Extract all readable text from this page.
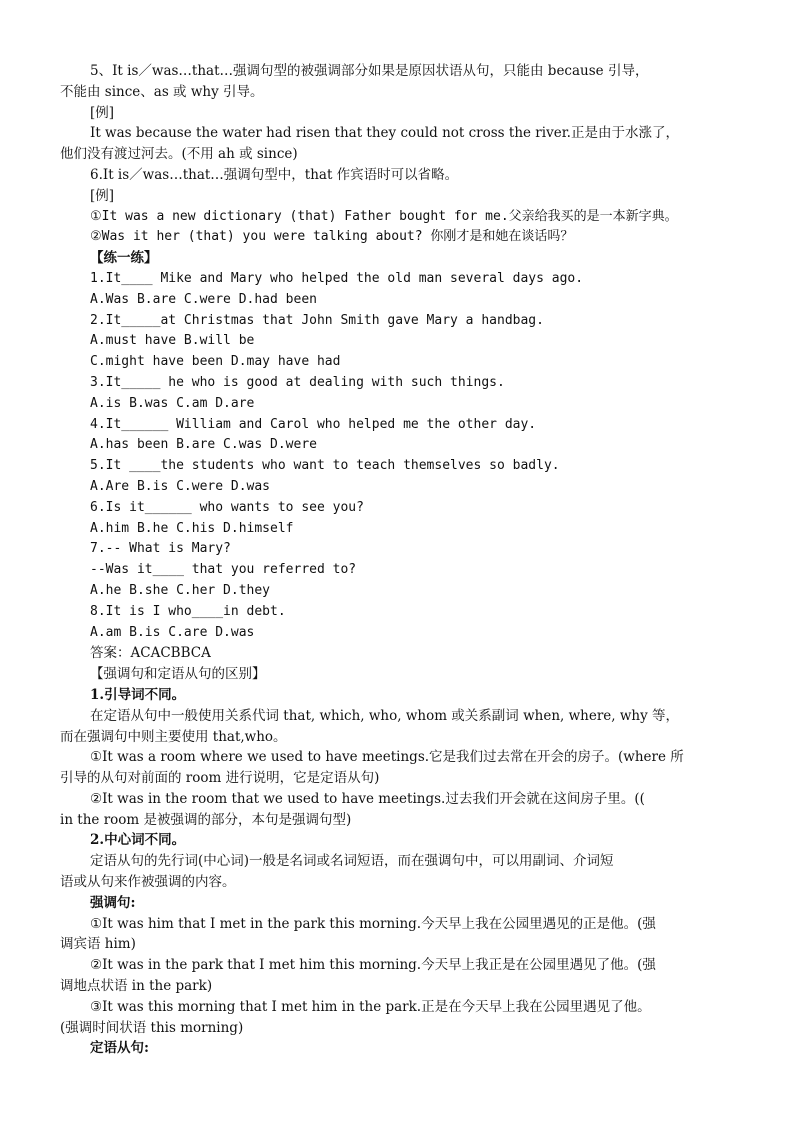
5、It is／was…that…强调句型的被强调部分如果是原因状语从句，只能由 because 引导，

不能由 since、as 或 why 引导。

[例]

It was because the water had risen that they could not cross the river.正是由于水涨了，

他们没有渡过河去。(不用 ah 或 since)

6.It is／was…that…强调句型中，that 作宾语时可以省略。

[例]

①It was a new dictionary (that) Father bought for me.父亲给我买的是一本新字典。

②Was it her (that) you were talking about? 你刚才是和她在谈话吗？

【练一练】

1.It____ Mike and Mary who helped the old man several days ago.

A.Was B.are C.were D.had been

2.It_____at Christmas that John Smith gave Mary a handbag.

A.must have B.will be

C.might have been D.may have had

3.It_____ he who is good at dealing with such things.

A.is B.was C.am D.are

4.It______ William and Carol who helped me the other day.

A.has been B.are C.was D.were

5.It ____the students who want to teach themselves so badly.

A.Are B.is C.were D.was

6.Is it______ who wants to see you?

A.him B.he C.his D.himself

7.-- What is Mary?

--Was it____ that you referred to?

A.he B.she C.her D.they

8.It is I who____in debt.

A.am B.is C.are D.was

答案：ACACBBCA

【强调句和定语从句的区别】

1.引导词不同。

在定语从句中一般使用关系代词 that, which, who, whom 或关系副词 when, where, why 等，

而在强调句中则主要使用 that,who。

①It was a room where we used to have meetings.它是我们过去常在开会的房子。(where 所

引导的从句对前面的 room 进行说明，它是定语从句)

②It was in the room that we used to have meetings.过去我们开会就在这间房子里。((

in the room 是被强调的部分，本句是强调句型)

2.中心词不同。

定语从句的先行词(中心词)一般是名词或名词短语，而在强调句中，可以用副词、介词短

语或从句来作被强调的内容。

强调句:

①It was him that I met in the park this morning.今天早上我在公园里遇见的正是他。(强

调宾语 him)

②It was in the park that I met him this morning.今天早上我正是在公园里遇见了他。(强

调地点状语 in the park)

③It was this morning that I met him in the park.正是在今天早上我在公园里遇见了他。

(强调时间状语 this morning)

定语从句:
